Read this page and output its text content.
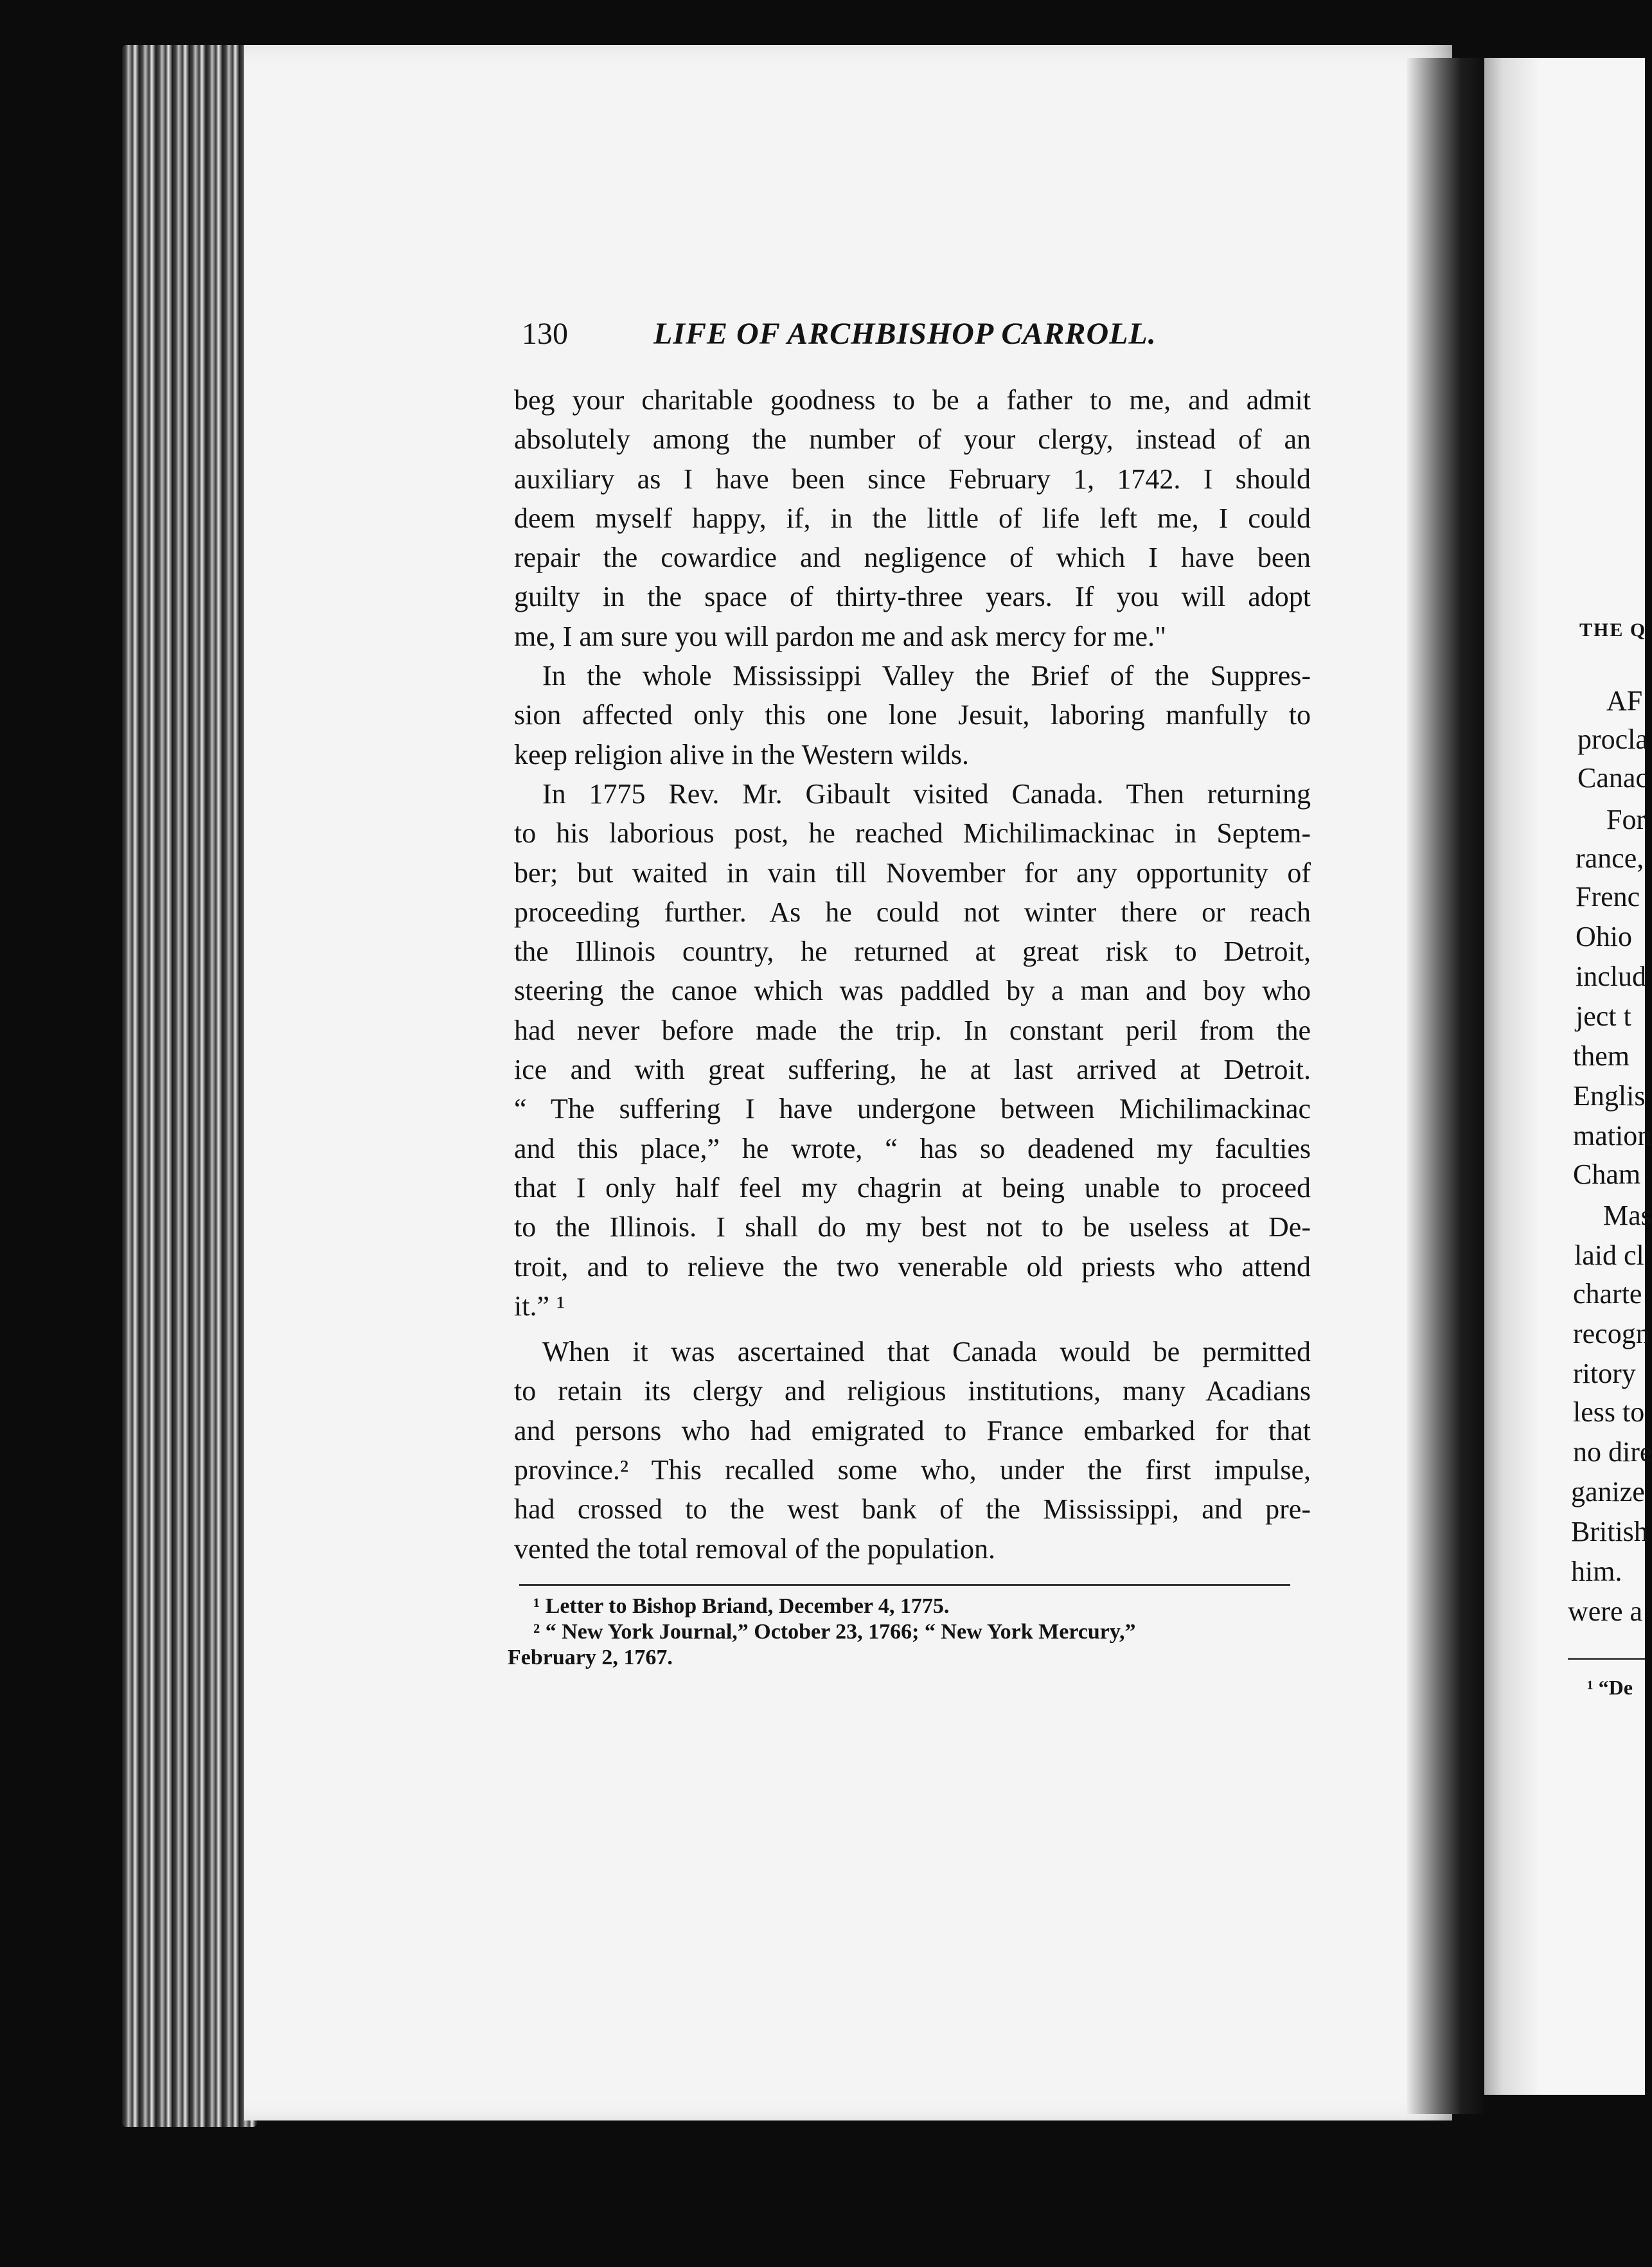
130	LIFE OF ARCHBISHOP CARROLL.
beg your charitable goodness to be a father to me, and admit
absolutely among the number of your clergy, instead of an
auxiliary as I have been since February 1, 1742. I should
deem myself happy, if, in the little of life left me, I could
repair the cowardice and negligence of which I have been
guilty in the space of thirty-three years. If you will adopt
me, I am sure you will pardon me and ask mercy for me."
In the whole Mississippi Valley the Brief of the Suppres-
sion affected only this one lone Jesuit, laboring manfully to
keep religion alive in the Western wilds.
In 1775 Rev. Mr. Gibault visited Canada. Then returning
to his laborious post, he reached Michilimackinac in Septem-
ber; but waited in vain till November for any opportunity of
proceeding further. As he could not winter there or reach
the Illinois country, he returned at great risk to Detroit,
steering the canoe which was paddled by a man and boy who
had never before made the trip. In constant peril from the
ice and with great suffering, he at last arrived at Detroit.
“ The suffering I have undergone between Michilimackinac
and this place,” he wrote, “ has so deadened my faculties
that I only half feel my chagrin at being unable to proceed
to the Illinois. I shall do my best not to be useless at De-
troit, and to relieve the two venerable old priests who attend
it.” ¹
When it was ascertained that Canada would be permitted
to retain its clergy and religious institutions, many Acadians
and persons who had emigrated to France embarked for that
province.² This recalled some who, under the first impulse,
had crossed to the west bank of the Mississippi, and pre-
vented the total removal of the population.
¹ Letter to Bishop Briand, December 4, 1775.
² “ New York Journal,” October 23, 1766; “ New York Mercury,”
February 2, 1767.
THE Q
AF
procla
Canac
For
rance,
Frenc
Ohio
includ
ject t
them
Englis
mation
Cham
Mas
laid cl
charte
recogn
ritory
less to
no dire
ganize
British
him.
were a
¹ “De
